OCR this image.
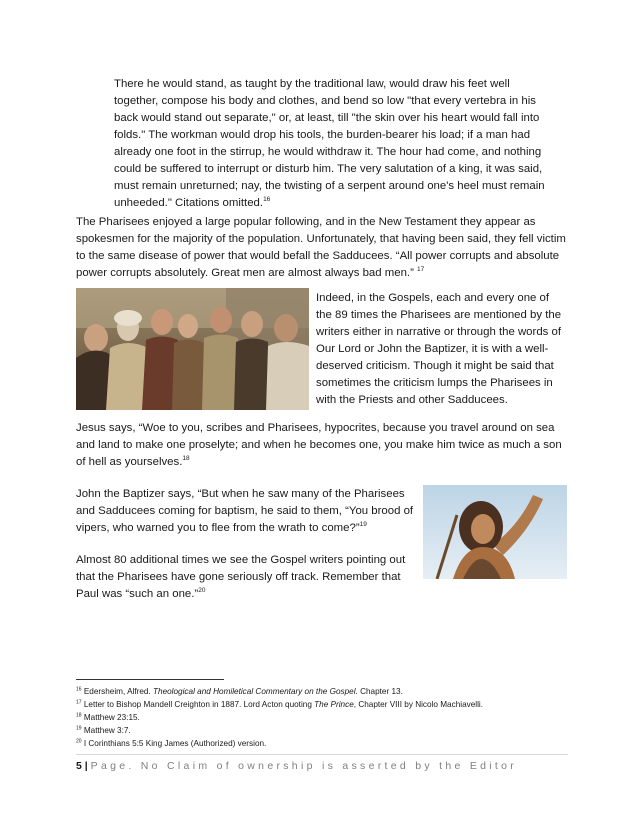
There he would stand, as taught by the traditional law, would draw his feet well together, compose his body and clothes, and bend so low "that every vertebra in his back would stand out separate," or, at least, till "the skin over his heart would fall into folds." The workman would drop his tools, the burden-bearer his load; if a man had already one foot in the stirrup, he would withdraw it. The hour had come, and nothing could be suffered to interrupt or disturb him. The very salutation of a king, it was said, must remain unreturned; nay, the twisting of a serpent around one's heel must remain unheeded." Citations omitted.$^{16}$

The Pharisees enjoyed a large popular following, and in the New Testament they appear as spokesmen for the majority of the population. Unfortunately, that having been said, they fell victim to the same disease of power that would befall the Sadducees. “All power corrupts and absolute power corrupts absolutely. Great men are almost always bad men.” $^{17}$

Indeed, in the Gospels, each and every one of the 89 times the Pharisees are mentioned by the writers either in narrative or through the words of Our Lord or John the Baptizer, it is with a well-deserved criticism. Though it might be said that sometimes the criticism lumps the Pharisees in with the Priests and other Sadducees.

Jesus says, “Woe to you, scribes and Pharisees, hypocrites, because you travel around on sea and land to make one proselyte; and when he becomes one, you make him twice as much a son of hell as yourselves.$^{18}$

John the Baptizer says, “But when he saw many of the Pharisees and Sadducees coming for baptism, he said to them, “You brood of vipers, who warned you to flee from the wrath to come?”$^{19}$

Almost 80 additional times we see the Gospel writers pointing out that the Pharisees have gone seriously off track. Remember that Paul was “such an one.”$^{20}$

$^{16}$ Edersheim, Alfred. Theological and Homiletical Commentary on the Gospel. Chapter 13.
$^{17}$ Letter to Bishop Mandell Creighton in 1887. Lord Acton quoting The Prince, Chapter VIII by Nicolo Machiavelli.
$^{18}$ Matthew 23:15.
$^{19}$ Matthew 3:7.
$^{20}$ I Corinthians 5:5 King James (Authorized) version.
5 | Page. No Claim of ownership is asserted by the Editor
